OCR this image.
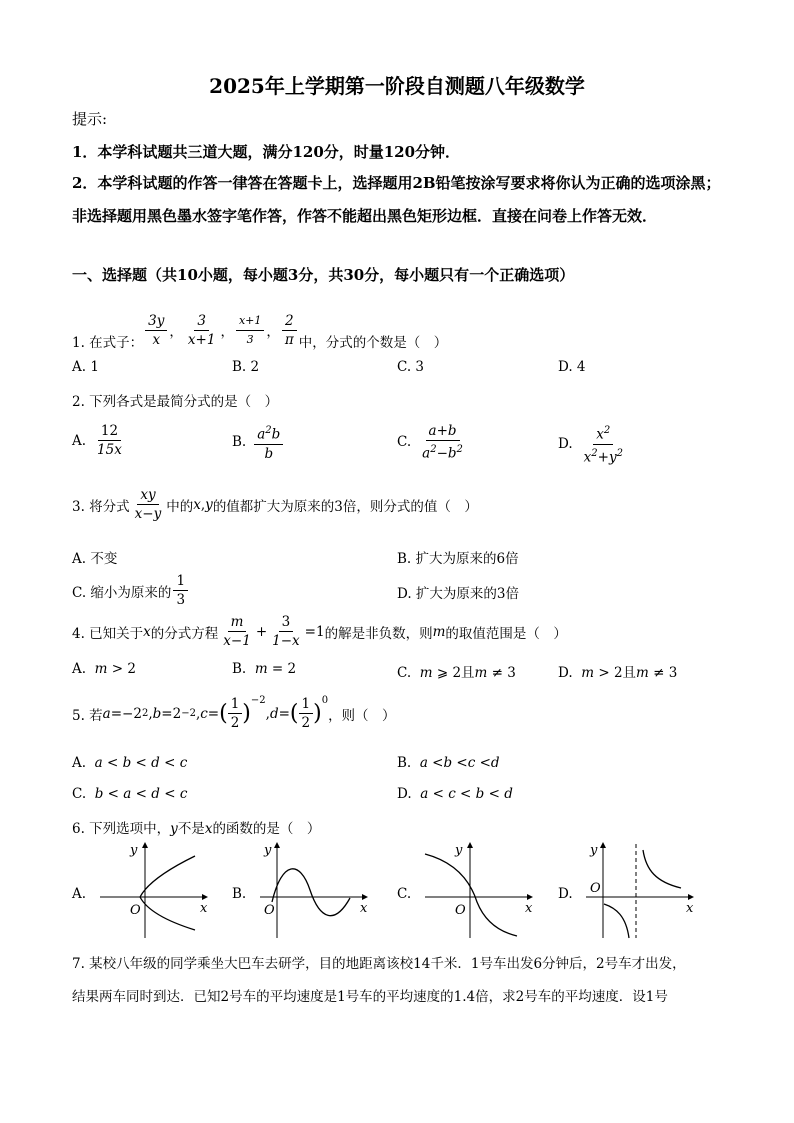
2025年上学期第一阶段自测题八年级数学
提示:
1．本学科试题共三道大题，满分120分，时量120分钟．
2．本学科试题的作答一律答在答题卡上，选择题用2B铅笔按涂写要求将你认为正确的选项涂黑；非选择题用黑色墨水签字笔作答，作答不能超出黑色矩形边框．直接在问卷上作答无效．
一、选择题（共10小题，每小题3分，共30分，每小题只有一个正确选项）
1. 在式子： $\frac{3y}{x}$ ， $\frac{3}{x+1}$ ， $\frac{x+1}{3}$ ， $\frac{2}{\pi}$ 中，分式的个数是（　）
A. 1	B. 2	C. 3	D. 4
2. 下列各式是最简分式的是（　）
A. $\frac{12}{15x}$	B. $\frac{a^2b}{b}$	C. $\frac{a+b}{a^2-b^2}$	D. $\frac{x^2}{x^2+y^2}$
3. 将分式 $\frac{xy}{x-y}$ 中的 x , y 的值都扩大为原来的3倍，则分式的值（　）
A. 不变	B. 扩大为原来的6倍
C. 缩小为原来的 $\frac{1}{3}$	D. 扩大为原来的3倍
4. 已知关于 x 的分式方程 $\frac{m}{x-1} + \frac{3}{1-x} =1$ 的解是非负数，则 m 的取值范围是（　）
A. m > 2	B. m = 2	C. m ⩾ 2且m ≠ 3	D. m > 2且m ≠ 3
5. 若 a =−2 2 , b =2 −2 , c = ( $\frac{1}{2}$ )
$^{-2}$
, d = ( $\frac{1}{2}$ )
$^0$
，则（　）
A. a < b < d < c	B. a <b <c <d
C. b < a < d < c	D. a < c < b < d
6. 下列选项中，y不是x的函数的是（　）
A.
y
O	x
B.
y
O	x
C.
y
O	x
D.
y
O
x
7. 某校八年级的同学乘坐大巴车去研学，目的地距离该校14千米．1号车出发6分钟后，2号车才出发，
结果两车同时到达．已知2号车的平均速度是1号车的平均速度的1.4倍，求2号车的平均速度．设1号
